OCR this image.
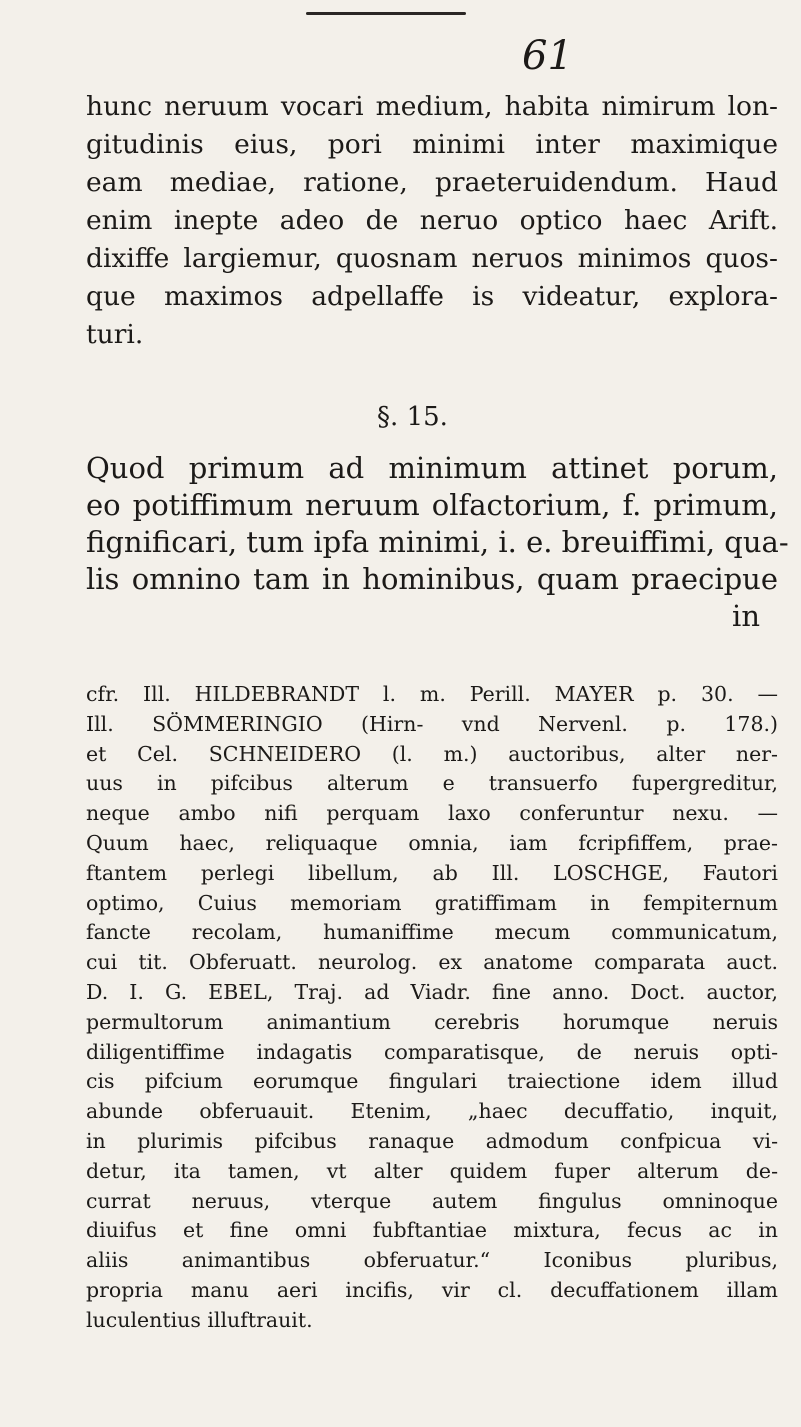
61
hunc neruum vocari medium, habita nimirum lon-
gitudinis eius, pori minimi inter maximique
eam mediae, ratione, praeteruidendum. Haud
enim inepte adeo de neruo optico haec Arift.
dixiffe largiemur, quosnam neruos minimos quos-
que maximos adpellaffe is videatur, explora-
turi.
§. 15.
Quod primum ad minimum attinet porum,
eo potiffimum neruum olfactorium, f. primum,
fignificari, tum ipfa minimi, i. e. breuiffimi, qua-
lis omnino tam in hominibus, quam praecipue
in
cfr. Ill. HILDEBRANDT l. m. Perill. MAYER p. 30. —
Ill. SÖMMERINGIO (Hirn- vnd Nervenl. p. 178.)
et Cel. SCHNEIDERO (l. m.) auctoribus, alter ner-
uus in pifcibus alterum e transuerfo fupergreditur,
neque ambo nifi perquam laxo conferuntur nexu. —
Quum haec, reliquaque omnia, iam fcripfiffem, prae-
ftantem perlegi libellum, ab Ill. LOSCHGE, Fautori
optimo, Cuius memoriam gratiffimam in fempiternum
fancte recolam, humaniffime mecum communicatum,
cui tit. Obferuatt. neurolog. ex anatome comparata auct.
D. I. G. EBEL, Traj. ad Viadr. fine anno. Doct. auctor,
permultorum animantium cerebris horumque neruis
diligentiffime indagatis comparatisque, de neruis opti-
cis pifcium eorumque fingulari traiectione idem illud
abunde obferuauit. Etenim, „haec decuffatio, inquit,
in plurimis pifcibus ranaque admodum confpicua vi-
detur, ita tamen, vt alter quidem fuper alterum de-
currat neruus, vterque autem fingulus omninoque
diuifus et fine omni fubftantiae mixtura, fecus ac in
aliis animantibus obferuatur.“ Iconibus pluribus,
propria manu aeri incifis, vir cl. decuffationem illam
luculentius illuftrauit.
